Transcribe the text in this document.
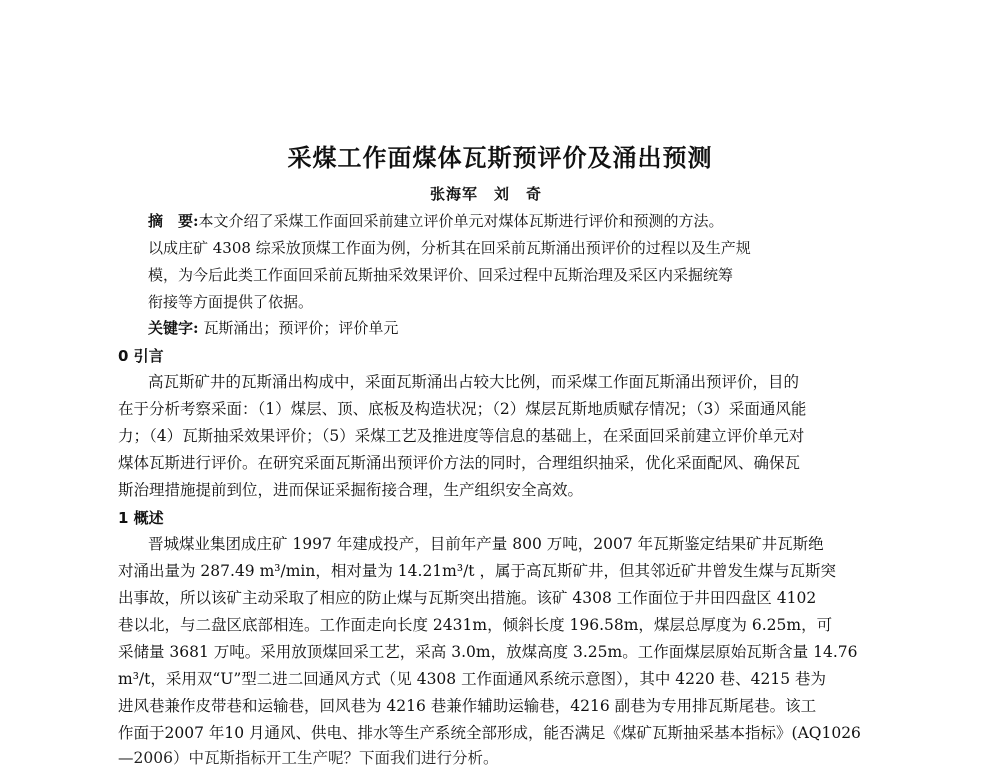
采煤工作面煤体瓦斯预评价及涌出预测
张海军　刘　奇
摘　要:本文介绍了采煤工作面回采前建立评价单元对煤体瓦斯进行评价和预测的方法。
以成庄矿 4308 综采放顶煤工作面为例，分析其在回采前瓦斯涌出预评价的过程以及生产规
模，为今后此类工作面回采前瓦斯抽采效果评价、回采过程中瓦斯治理及采区内采掘统筹
衔接等方面提供了依据。
关键字: 瓦斯涌出；预评价；评价单元
0 引言
高瓦斯矿井的瓦斯涌出构成中，采面瓦斯涌出占较大比例，而采煤工作面瓦斯涌出预评价，目的
在于分析考察采面：（1）煤层、顶、底板及构造状况；（2）煤层瓦斯地质赋存情况；（3）采面通风能
力；（4）瓦斯抽采效果评价；（5）采煤工艺及推进度等信息的基础上，在采面回采前建立评价单元对
煤体瓦斯进行评价。在研究采面瓦斯涌出预评价方法的同时，合理组织抽采，优化采面配风、确保瓦
斯治理措施提前到位，进而保证采掘衔接合理，生产组织安全高效。
1 概述
晋城煤业集团成庄矿 1997 年建成投产，目前年产量 800 万吨，2007 年瓦斯鉴定结果矿井瓦斯绝
对涌出量为 287.49 m³/min，相对量为 14.21m³/t ，属于高瓦斯矿井，但其邻近矿井曾发生煤与瓦斯突
出事故，所以该矿主动采取了相应的防止煤与瓦斯突出措施。该矿 4308 工作面位于井田四盘区 4102
巷以北，与二盘区底部相连。工作面走向长度 2431m，倾斜长度 196.58m，煤层总厚度为 6.25m，可
采储量 3681 万吨。采用放顶煤回采工艺，采高 3.0m，放煤高度 3.25m。工作面煤层原始瓦斯含量 14.76
m³/t，采用双“U”型二进二回通风方式（见 4308 工作面通风系统示意图），其中 4220 巷、4215 巷为
进风巷兼作皮带巷和运输巷，回风巷为 4216 巷兼作辅助运输巷，4216 副巷为专用排瓦斯尾巷。该工
作面于2007 年10 月通风、供电、排水等生产系统全部形成，能否满足《煤矿瓦斯抽采基本指标》(AQ1026
—2006）中瓦斯指标开工生产呢？下面我们进行分析。
